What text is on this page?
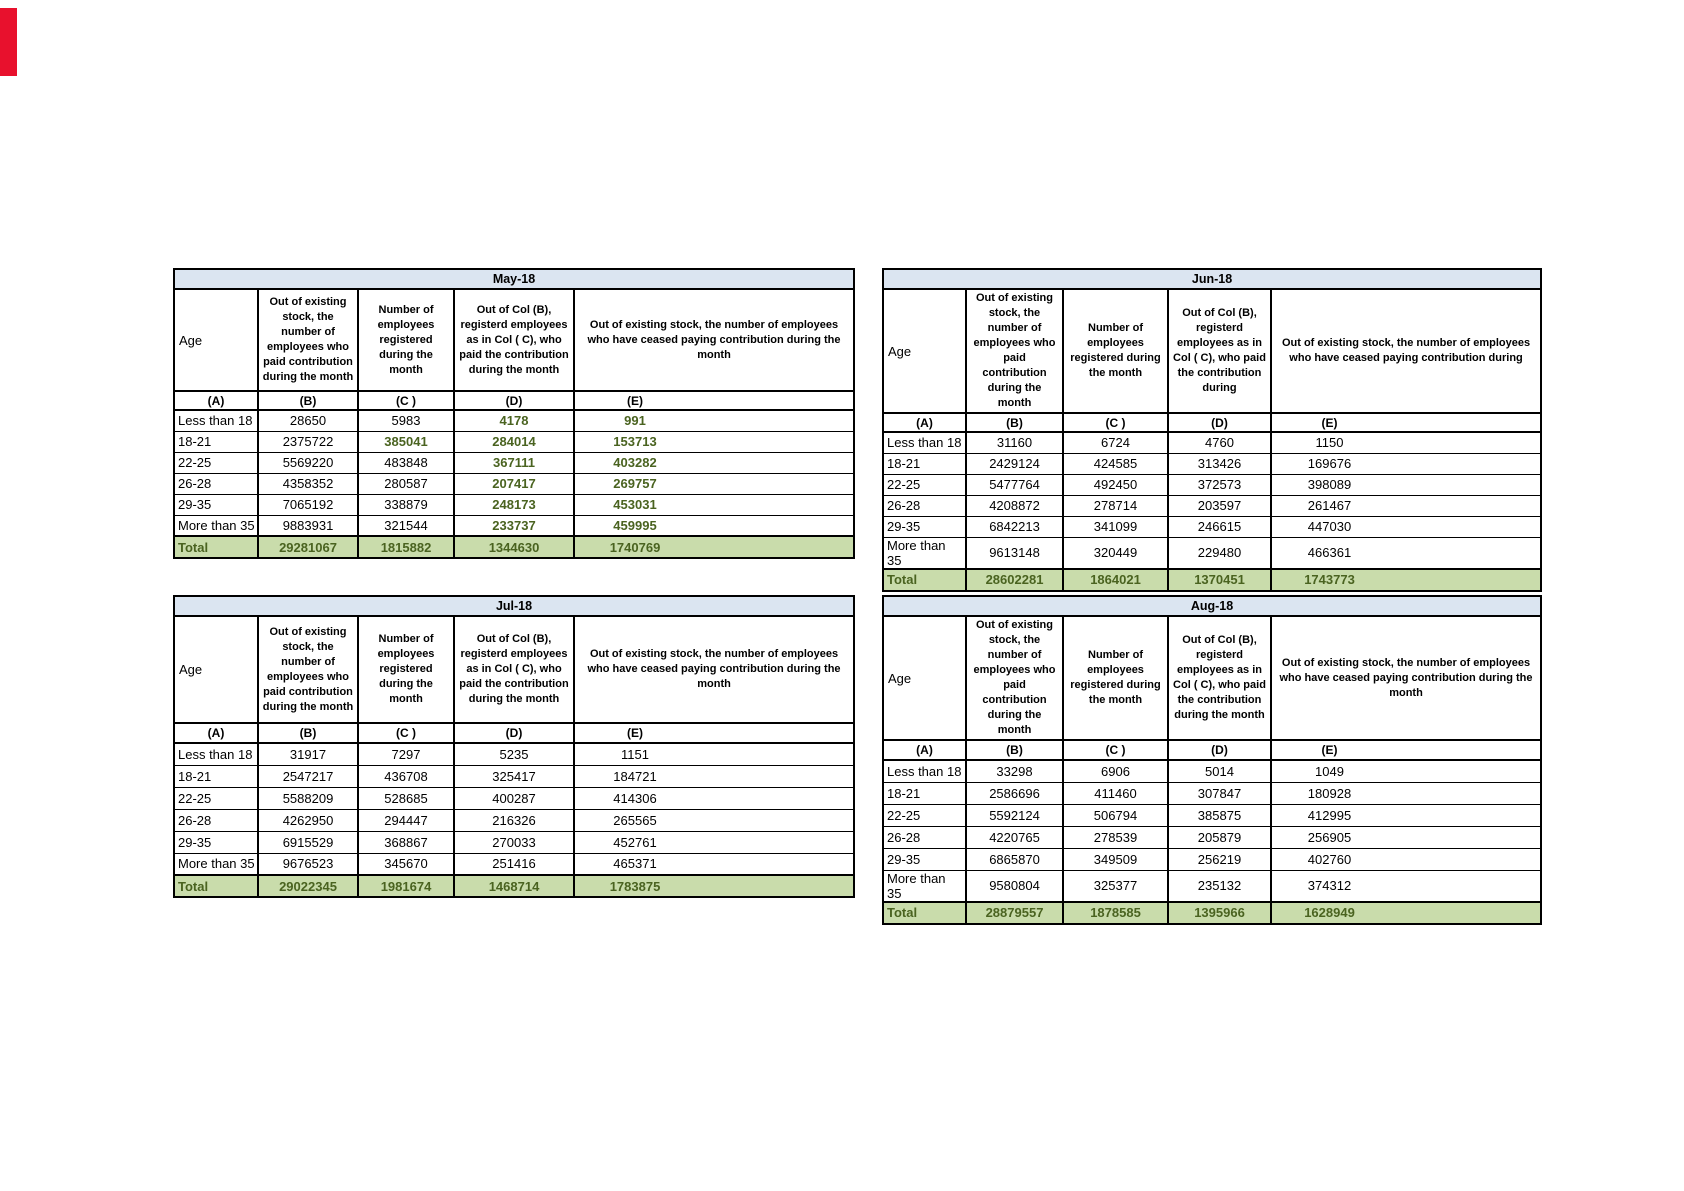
May-18					
Age	Out of existing stock, the number of employees who paid contribution during the month	Number of employees registered during the month	Out of Col (B), registerd employees as in Col ( C), who paid the contribution during the month	Out of existing stock, the number of employees who have ceased paying contribution during the month	
(A)	(B)	(C )	(D)	(E)	
Less than 18	28650	5983	4178	991	
18-21	2375722	385041	284014	153713	
22-25	5569220	483848	367111	403282	
26-28	4358352	280587	207417	269757	
29-35	7065192	338879	248173	453031	
More than 35	9883931	321544	233737	459995	
Total	29281067	1815882	1344630	1740769	
Jun-18					
Age	Out of existing stock, the number of employees who paid contribution during the month	Number of employees registered during the month	Out of Col (B), registerd employees as in Col ( C), who paid the contribution during	Out of existing stock, the number of employees who have ceased paying contribution during	
(A)	(B)	(C )	(D)	(E)	
Less than 18	31160	6724	4760	1150	
18-21	2429124	424585	313426	169676	
22-25	5477764	492450	372573	398089	
26-28	4208872	278714	203597	261467	
29-35	6842213	341099	246615	447030	
More than 35	9613148	320449	229480	466361	
Total	28602281	1864021	1370451	1743773	
Jul-18					
Age	Out of existing stock, the number of employees who paid contribution during the month	Number of employees registered during the month	Out of Col (B), registerd employees as in Col ( C), who paid the contribution during the month	Out of existing stock, the number of employees who have ceased paying contribution during the month	
(A)	(B)	(C )	(D)	(E)	
Less than 18	31917	7297	5235	1151	
18-21	2547217	436708	325417	184721	
22-25	5588209	528685	400287	414306	
26-28	4262950	294447	216326	265565	
29-35	6915529	368867	270033	452761	
More than 35	9676523	345670	251416	465371	
Total	29022345	1981674	1468714	1783875	
Aug-18					
Age	Out of existing stock, the number of employees who paid contribution during the month	Number of employees registered during the month	Out of Col (B), registerd employees as in Col ( C), who paid the contribution during the month	Out of existing stock, the number of employees who have ceased paying contribution during the month	
(A)	(B)	(C )	(D)	(E)	
Less than 18	33298	6906	5014	1049	
18-21	2586696	411460	307847	180928	
22-25	5592124	506794	385875	412995	
26-28	4220765	278539	205879	256905	
29-35	6865870	349509	256219	402760	
More than 35	9580804	325377	235132	374312	
Total	28879557	1878585	1395966	1628949	
